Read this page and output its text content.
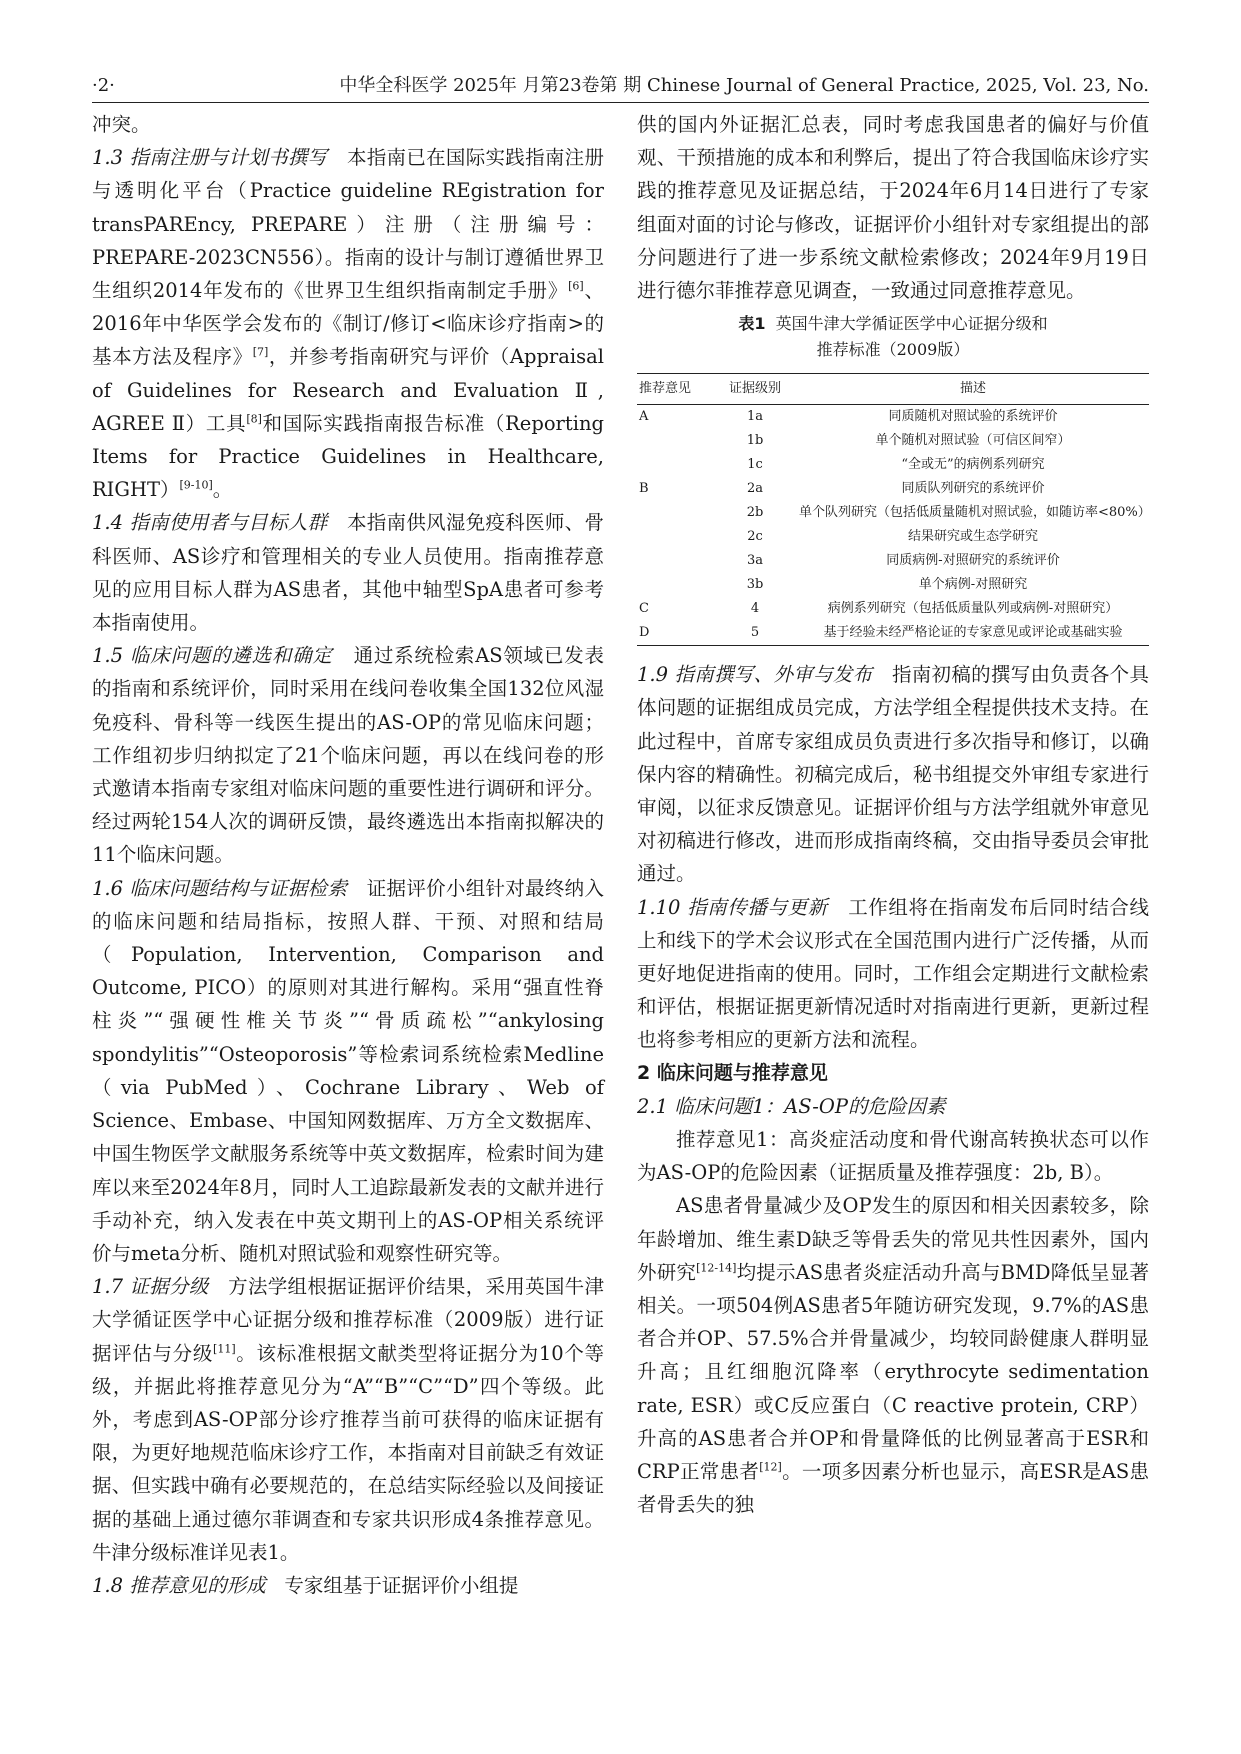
·2·	中华全科医学 2025年 月第23卷第 期 Chinese Journal of General Practice, 2025, Vol. 23, No.

冲突。

1.3 指南注册与计划书撰写 本指南已在国际实践指南注册与透明化平台（Practice guideline REgistration for transPAREncy, PREPARE）注册（注册编号：PREPARE-2023CN556）。指南的设计与制订遵循世界卫生组织2014年发布的《世界卫生组织指南制定手册》[6]、2016年中华医学会发布的《制订/修订<临床诊疗指南>的基本方法及程序》[7]，并参考指南研究与评价（Appraisal of Guidelines for Research and Evaluation Ⅱ, AGREE Ⅱ）工具[8]和国际实践指南报告标准（Reporting Items for Practice Guidelines in Healthcare, RIGHT）[9-10]。

1.4 指南使用者与目标人群 本指南供风湿免疫科医师、骨科医师、AS诊疗和管理相关的专业人员使用。指南推荐意见的应用目标人群为AS患者，其他中轴型SpA患者可参考本指南使用。

1.5 临床问题的遴选和确定 通过系统检索AS领域已发表的指南和系统评价，同时采用在线问卷收集全国132位风湿免疫科、骨科等一线医生提出的AS-OP的常见临床问题；工作组初步归纳拟定了21个临床问题，再以在线问卷的形式邀请本指南专家组对临床问题的重要性进行调研和评分。经过两轮154人次的调研反馈，最终遴选出本指南拟解决的11个临床问题。

1.6 临床问题结构与证据检索 证据评价小组针对最终纳入的临床问题和结局指标，按照人群、干预、对照和结局（Population, Intervention, Comparison and Outcome, PICO）的原则对其进行解构。采用“强直性脊柱炎”“强硬性椎关节炎”“骨质疏松”“ankylosing spondylitis”“Osteoporosis”等检索词系统检索Medline（via PubMed）、Cochrane Library、Web of Science、Embase、中国知网数据库、万方全文数据库、中国生物医学文献服务系统等中英文数据库，检索时间为建库以来至2024年8月，同时人工追踪最新发表的文献并进行手动补充，纳入发表在中英文期刊上的AS-OP相关系统评价与meta分析、随机对照试验和观察性研究等。

1.7 证据分级 方法学组根据证据评价结果，采用英国牛津大学循证医学中心证据分级和推荐标准（2009版）进行证据评估与分级[11]。该标准根据文献类型将证据分为10个等级，并据此将推荐意见分为“A”“B”“C”“D”四个等级。此外，考虑到AS-OP部分诊疗推荐当前可获得的临床证据有限，为更好地规范临床诊疗工作，本指南对目前缺乏有效证据、但实践中确有必要规范的，在总结实际经验以及间接证据的基础上通过德尔菲调查和专家共识形成4条推荐意见。牛津分级标准详见表1。

1.8 推荐意见的形成 专家组基于证据评价小组提

供的国内外证据汇总表，同时考虑我国患者的偏好与价值观、干预措施的成本和利弊后，提出了符合我国临床诊疗实践的推荐意见及证据总结，于2024年6月14日进行了专家组面对面的讨论与修改，证据评价小组针对专家组提出的部分问题进行了进一步系统文献检索修改；2024年9月19日进行德尔菲推荐意见调查，一致通过同意推荐意见。

表1 英国牛津大学循证医学中心证据分级和
推荐标准（2009版）
推荐意见	证据级别	描述
A	1a	同质随机对照试验的系统评价
	1b	单个随机对照试验（可信区间窄）
	1c	“全或无”的病例系列研究
B	2a	同质队列研究的系统评价
	2b	单个队列研究（包括低质量随机对照试验，如随访率<80%）
	2c	结果研究或生态学研究
	3a	同质病例-对照研究的系统评价
	3b	单个病例-对照研究
C	4	病例系列研究（包括低质量队列或病例-对照研究）
D	5	基于经验未经严格论证的专家意见或评论或基础实验

1.9 指南撰写、外审与发布 指南初稿的撰写由负责各个具体问题的证据组成员完成，方法学组全程提供技术支持。在此过程中，首席专家组成员负责进行多次指导和修订，以确保内容的精确性。初稿完成后，秘书组提交外审组专家进行审阅，以征求反馈意见。证据评价组与方法学组就外审意见对初稿进行修改，进而形成指南终稿，交由指导委员会审批通过。

1.10 指南传播与更新 工作组将在指南发布后同时结合线上和线下的学术会议形式在全国范围内进行广泛传播，从而更好地促进指南的使用。同时，工作组会定期进行文献检索和评估，根据证据更新情况适时对指南进行更新，更新过程也将参考相应的更新方法和流程。

2 临床问题与推荐意见

2.1 临床问题1：AS-OP的危险因素

推荐意见1：高炎症活动度和骨代谢高转换状态可以作为AS-OP的危险因素（证据质量及推荐强度：2b, B）。

AS患者骨量减少及OP发生的原因和相关因素较多，除年龄增加、维生素D缺乏等骨丢失的常见共性因素外，国内外研究[12-14]均提示AS患者炎症活动升高与BMD降低呈显著相关。一项504例AS患者5年随访研究发现，9.7%的AS患者合并OP、57.5%合并骨量减少，均较同龄健康人群明显升高；且红细胞沉降率（erythrocyte sedimentation rate, ESR）或C反应蛋白（C reactive protein, CRP）升高的AS患者合并OP和骨量降低的比例显著高于ESR和CRP正常患者[12]。一项多因素分析也显示，高ESR是AS患者骨丢失的独
